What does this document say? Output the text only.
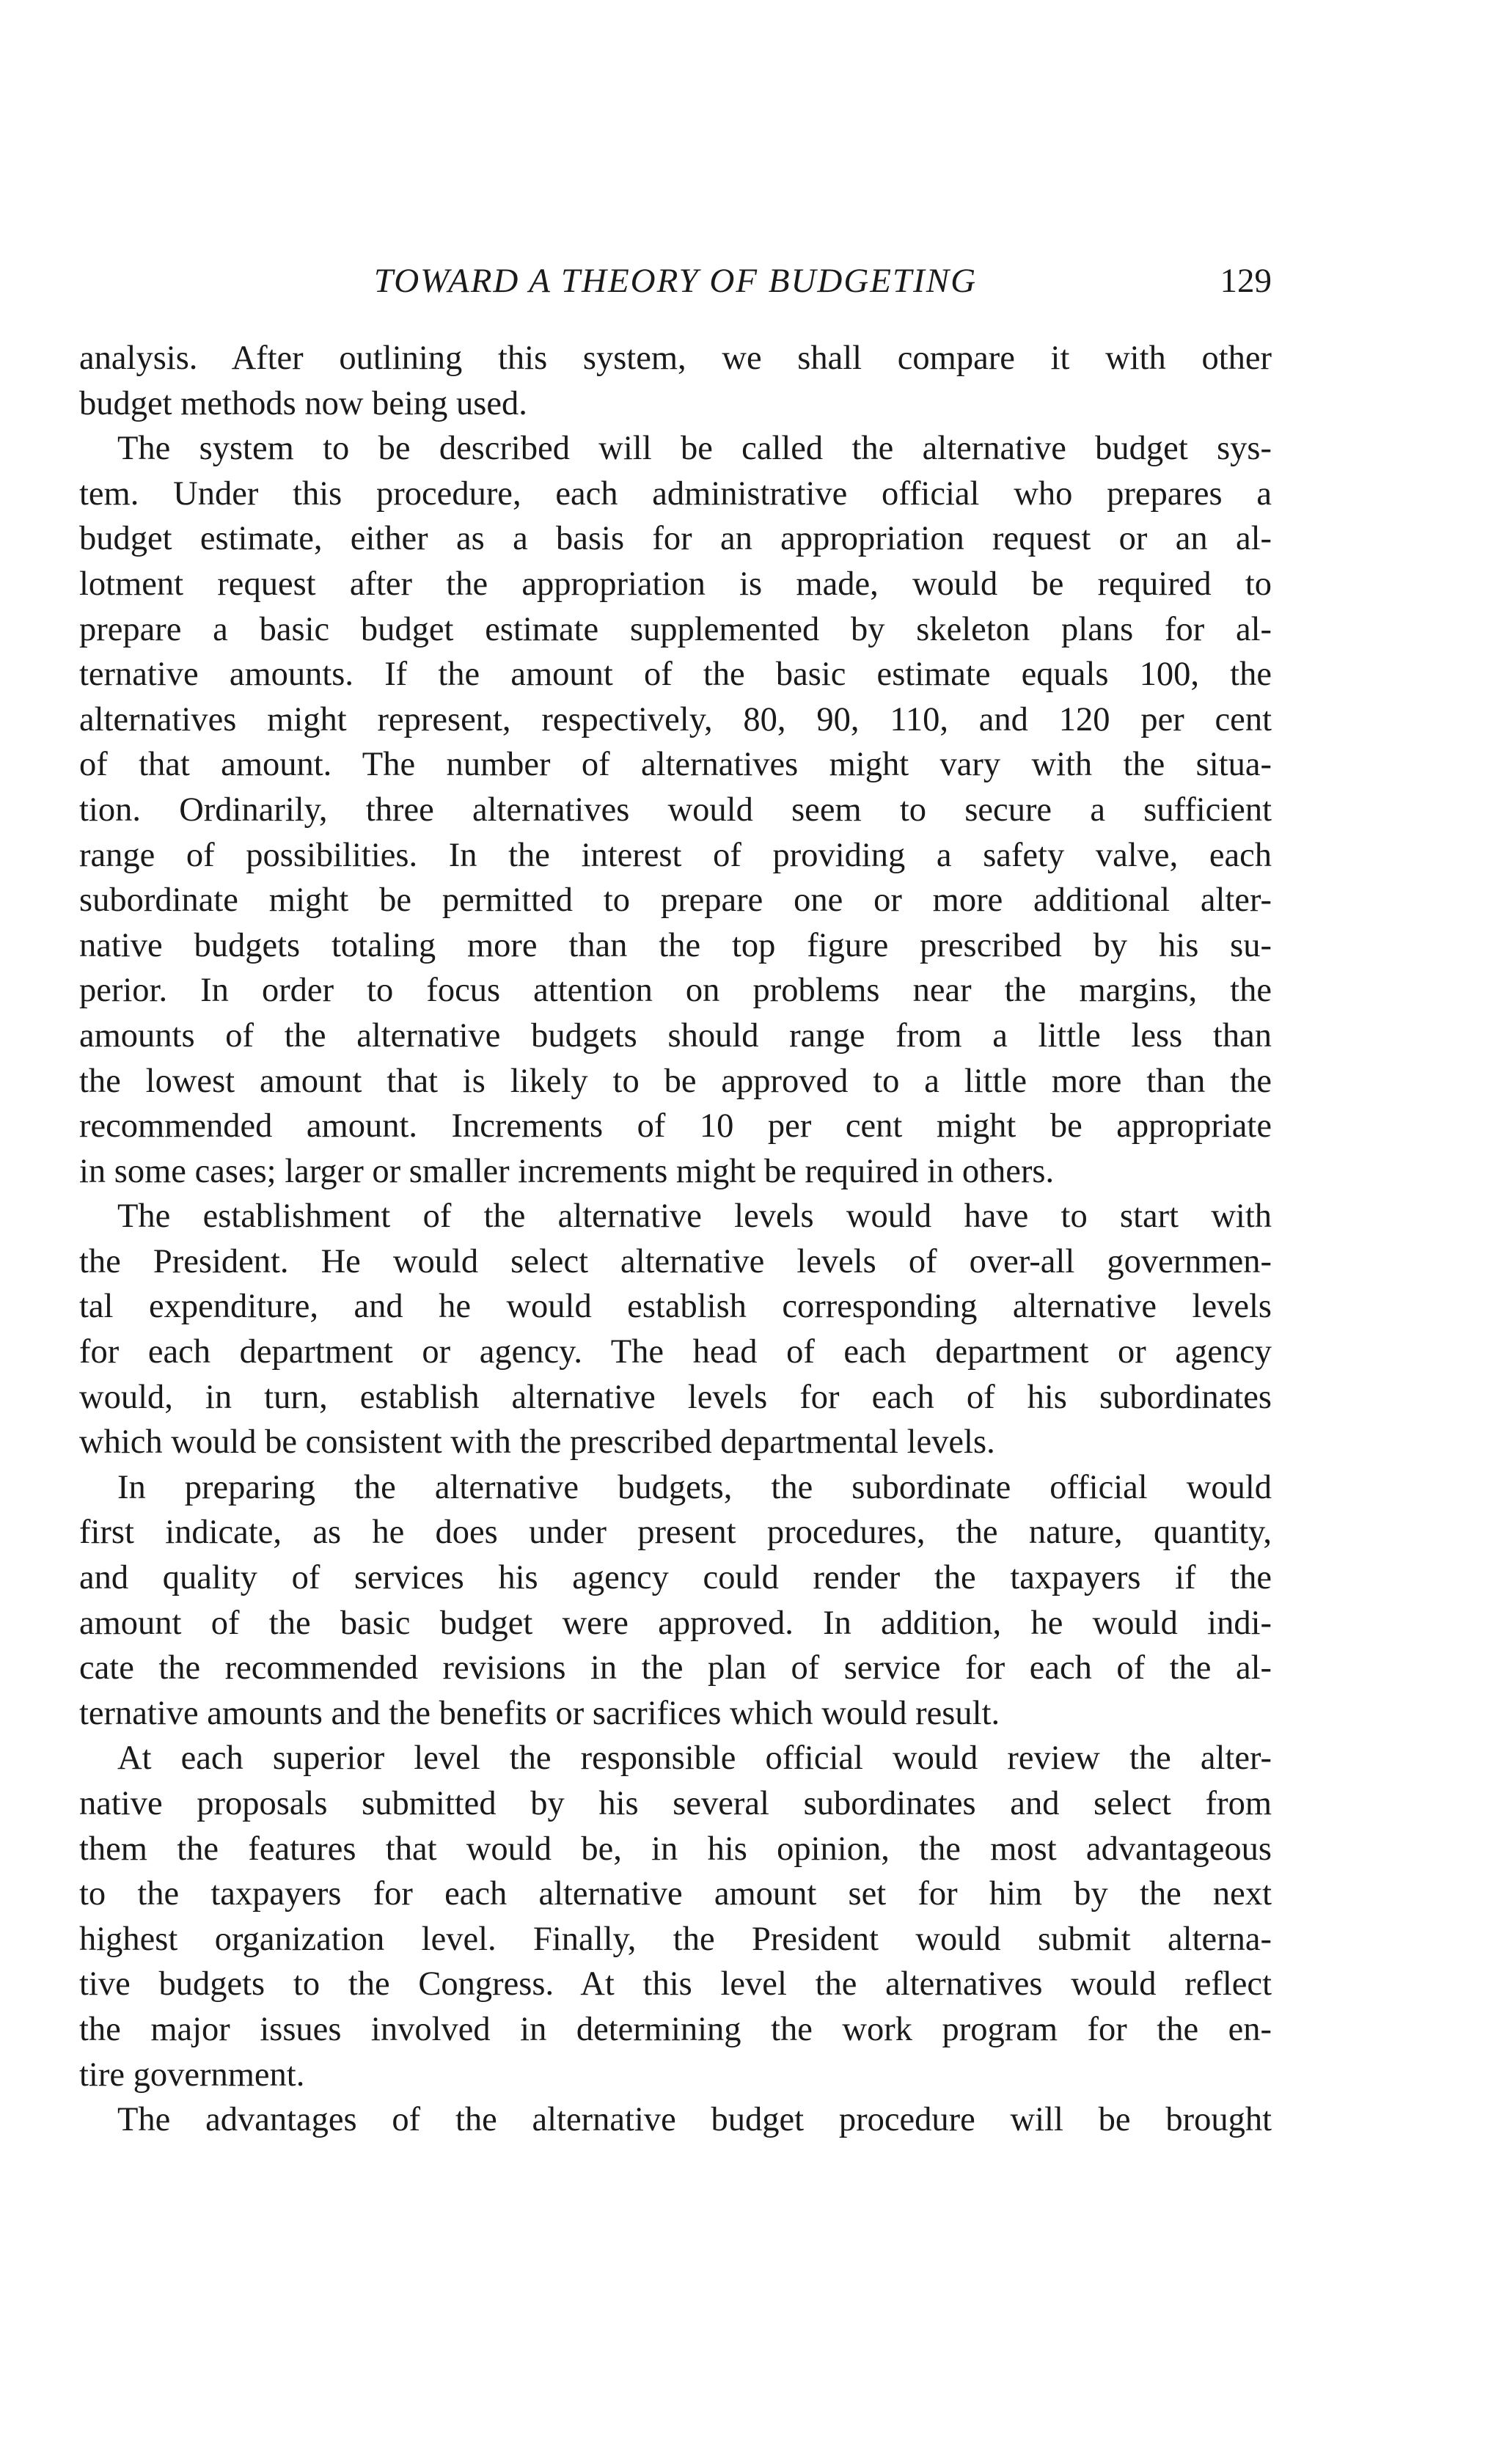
TOWARD A THEORY OF BUDGETING	129
analysis. After outlining this system, we shall compare it with other
budget methods now being used.
The system to be described will be called the alternative budget sys-
tem. Under this procedure, each administrative official who prepares a
budget estimate, either as a basis for an appropriation request or an al-
lotment request after the appropriation is made, would be required to
prepare a basic budget estimate supplemented by skeleton plans for al-
ternative amounts. If the amount of the basic estimate equals 100, the
alternatives might represent, respectively, 80, 90, 110, and 120 per cent
of that amount. The number of alternatives might vary with the situa-
tion. Ordinarily, three alternatives would seem to secure a sufficient
range of possibilities. In the interest of providing a safety valve, each
subordinate might be permitted to prepare one or more additional alter-
native budgets totaling more than the top figure prescribed by his su-
perior. In order to focus attention on problems near the margins, the
amounts of the alternative budgets should range from a little less than
the lowest amount that is likely to be approved to a little more than the
recommended amount. Increments of 10 per cent might be appropriate
in some cases; larger or smaller increments might be required in others.
The establishment of the alternative levels would have to start with
the President. He would select alternative levels of over-all governmen-
tal expenditure, and he would establish corresponding alternative levels
for each department or agency. The head of each department or agency
would, in turn, establish alternative levels for each of his subordinates
which would be consistent with the prescribed departmental levels.
In preparing the alternative budgets, the subordinate official would
first indicate, as he does under present procedures, the nature, quantity,
and quality of services his agency could render the taxpayers if the
amount of the basic budget were approved. In addition, he would indi-
cate the recommended revisions in the plan of service for each of the al-
ternative amounts and the benefits or sacrifices which would result.
At each superior level the responsible official would review the alter-
native proposals submitted by his several subordinates and select from
them the features that would be, in his opinion, the most advantageous
to the taxpayers for each alternative amount set for him by the next
highest organization level. Finally, the President would submit alterna-
tive budgets to the Congress. At this level the alternatives would reflect
the major issues involved in determining the work program for the en-
tire government.
The advantages of the alternative budget procedure will be brought
